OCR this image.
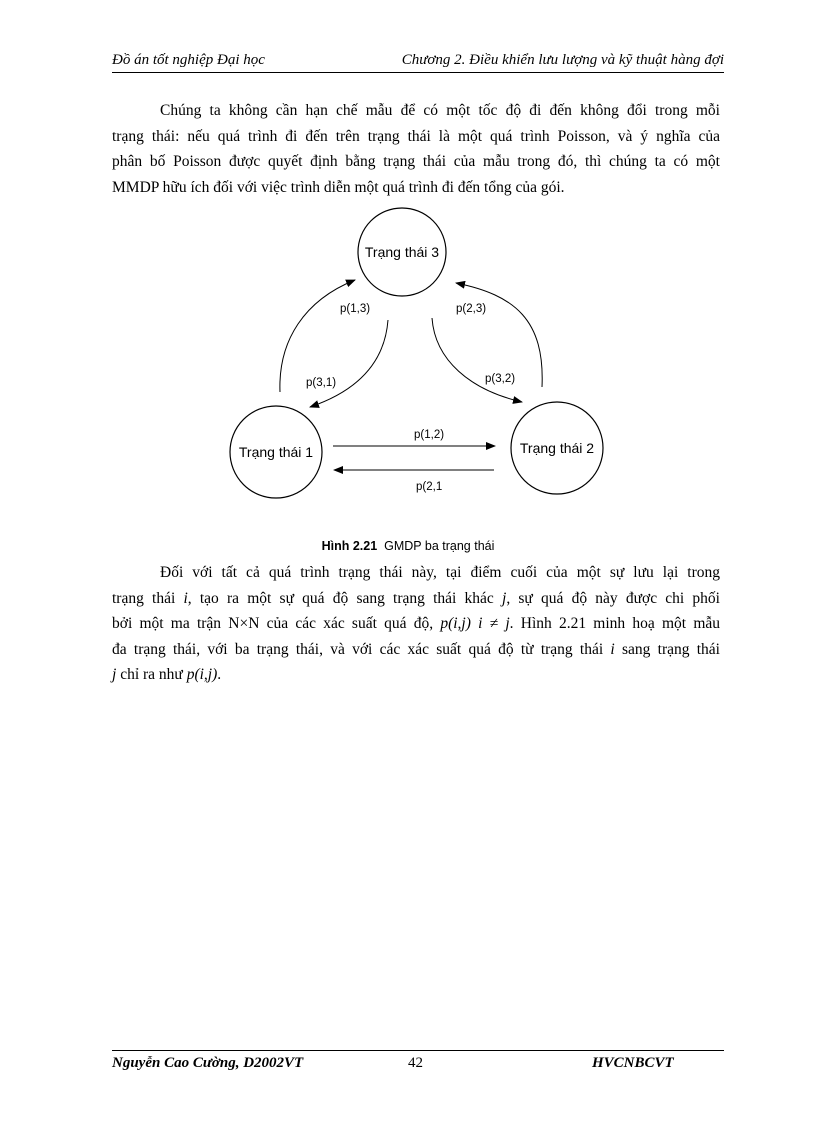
Đồ án tốt nghiệp Đại học	Chương 2. Điều khiển lưu lượng và kỹ thuật hàng đợi
Chúng ta không cần hạn chế mẫu để có một tốc độ đi đến không đổi trong mỗi
trạng thái: nếu quá trình đi đến trên trạng thái là một quá trình Poisson, và ý nghĩa của
phân bố Poisson được quyết định bằng trạng thái của mẫu trong đó, thì chúng ta có một
MMDP hữu ích đối với việc trình diễn một quá trình đi đến tổng của gói.
Trạng thái 3
Trạng thái 1	Trạng thái 2
p(1,3)	p(2,3)
p(3,1)	p(3,2)
p(1,2)
p(2,1
Hình 2.21 GMDP ba trạng thái
Đối với tất cả quá trình trạng thái này, tại điểm cuối của một sự lưu lại trong
trạng thái i, tạo ra một sự quá độ sang trạng thái khác j, sự quá độ này được chi phối
bởi một ma trận N×N của các xác suất quá độ, p(i,j) i ≠ j. Hình 2.21 minh hoạ một mẫu
đa trạng thái, với ba trạng thái, và với các xác suất quá độ từ trạng thái i sang trạng thái
j chỉ ra như p(i,j).
Nguyễn Cao Cường, D2002VT	42	HVCNBCVT
